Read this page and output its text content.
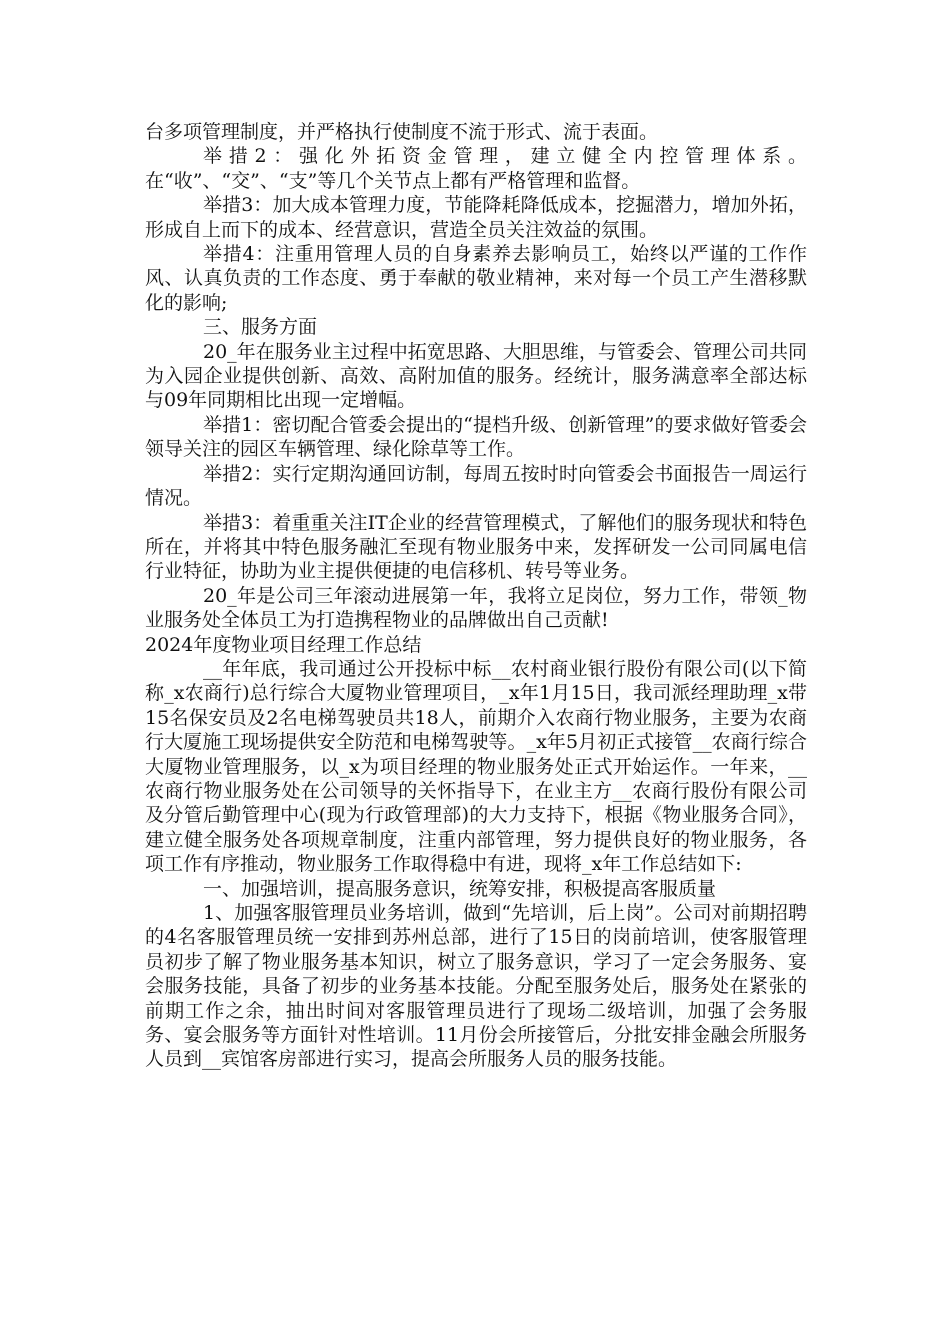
台多项管理制度，并严格执行使制度不流于形式、流于表面。

举措2：强化外拓资金管理，建立健全内控管理体系。在“收”、“交”、“支”等几个关节点上都有严格管理和监督。

举措3：加大成本管理力度，节能降耗降低成本，挖掘潜力，增加外拓，形成自上而下的成本、经营意识，营造全员关注效益的氛围。

举措4：注重用管理人员的自身素养去影响员工，始终以严谨的工作作风、认真负责的工作态度、勇于奉献的敬业精神，来对每一个员工产生潜移默化的影响;

三、服务方面

20_年在服务业主过程中拓宽思路、大胆思维，与管委会、管理公司共同为入园企业提供创新、高效、高附加值的服务。经统计，服务满意率全部达标与09年同期相比出现一定增幅。

举措1：密切配合管委会提出的“提档升级、创新管理”的要求做好管委会领导关注的园区车辆管理、绿化除草等工作。

举措2：实行定期沟通回访制，每周五按时时向管委会书面报告一周运行情况。

举措3：着重重关注IT企业的经营管理模式，了解他们的服务现状和特色所在，并将其中特色服务融汇至现有物业服务中来，发挥研发一公司同属电信行业特征，协助为业主提供便捷的电信移机、转号等业务。

20_年是公司三年滚动进展第一年，我将立足岗位，努力工作，带领_物业服务处全体员工为打造携程物业的品牌做出自己贡献!

2024年度物业项目经理工作总结

__年年底，我司通过公开投标中标__农村商业银行股份有限公司(以下简称_x农商行)总行综合大厦物业管理项目，_x年1月15日，我司派经理助理_x带15名保安员及2名电梯驾驶员共18人，前期介入农商行物业服务，主要为农商行大厦施工现场提供安全防范和电梯驾驶等。_x年5月初正式接管__农商行综合大厦物业管理服务，以_x为项目经理的物业服务处正式开始运作。一年来，__农商行物业服务处在公司领导的关怀指导下，在业主方__农商行股份有限公司及分管后勤管理中心(现为行政管理部)的大力支持下，根据《物业服务合同》，建立健全服务处各项规章制度，注重内部管理，努力提供良好的物业服务，各项工作有序推动，物业服务工作取得稳中有进，现将_x年工作总结如下:

一、加强培训，提高服务意识，统筹安排，积极提高客服质量

1、加强客服管理员业务培训，做到“先培训，后上岗”。公司对前期招聘的4名客服管理员统一安排到苏州总部，进行了15日的岗前培训，使客服管理员初步了解了物业服务基本知识，树立了服务意识，学习了一定会务服务、宴会服务技能，具备了初步的业务基本技能。分配至服务处后，服务处在紧张的前期工作之余，抽出时间对客服管理员进行了现场二级培训，加强了会务服务、宴会服务等方面针对性培训。11月份会所接管后，分批安排金融会所服务人员到__宾馆客房部进行实习，提高会所服务人员的服务技能。
